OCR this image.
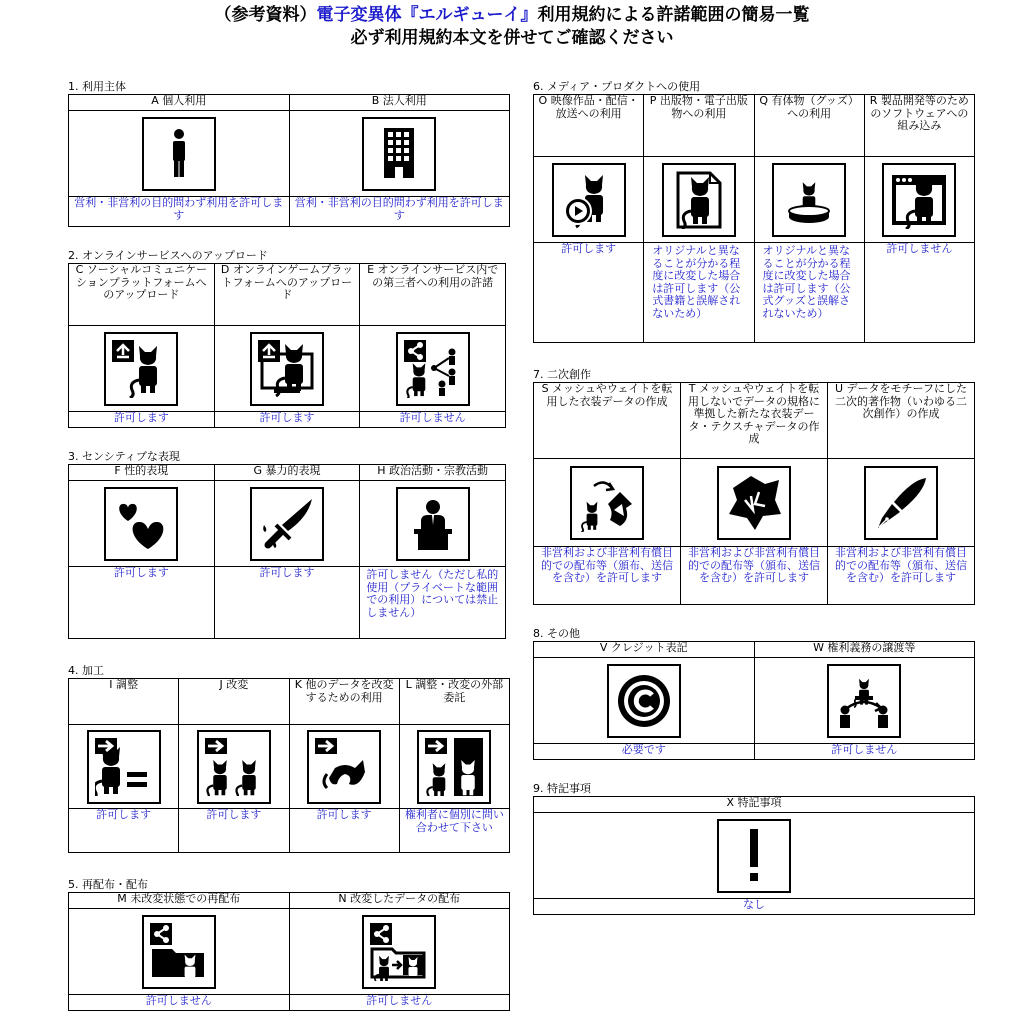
（参考資料）電子変異体『エルギューイ』利用規約による許諾範囲の簡易一覧
必ず利用規約本文を併せてご確認ください
1. 利用主体
A 個人利用	B 法人利用

営利・非営利の目的問わず利用を許可します	営利・非営利の目的問わず利用を許可します
2. オンラインサービスへのアップロード
C ソーシャルコミュニケーションプラットフォームへのアップロード	D オンラインゲームプラットフォームへのアップロード	E オンラインサービス内での第三者への利用の許諾

許可します	許可します	許可しません
3. センシティブな表現
F 性的表現	G 暴力的表現	H 政治活動・宗教活動

許可します	許可します	許可しません（ただし私的使用（プライベートな範囲での利用）については禁止しません）
4. 加工
I 調整	J 改変	K 他のデータを改変するための利用	L 調整・改変の外部委託

許可します	許可します	許可します	権利者に個別に問い合わせて下さい
5. 再配布・配布
M 未改変状態での再配布	N 改変したデータの配布

許可しません	許可しません
6. メディア・プロダクトへの使用
O 映像作品・配信・放送への利用	P 出版物・電子出版物への利用	Q 有体物（グッズ）への利用	R 製品開発等のためのソフトウェアへの組み込み

許可します	オリジナルと異なることが分かる程度に改変した場合は許可します（公式書籍と誤解されないため）	オリジナルと異なることが分かる程度に改変した場合は許可します（公式グッズと誤解されないため）	許可しません
7. 二次創作
S メッシュやウェイトを転用した衣装データの作成	T メッシュやウェイトを転用しないでデータの規格に準拠した新たな衣装データ・テクスチャデータの作成	U データをモチーフにした二次的著作物（いわゆる二次創作）の作成

非営利および非営利有償目的での配布等（頒布、送信を含む）を許可します	非営利および非営利有償目的での配布等（頒布、送信を含む）を許可します	非営利および非営利有償目的での配布等（頒布、送信を含む）を許可します
8. その他
V クレジット表記	W 権利義務の譲渡等

必要です	許可しません
9. 特記事項
X 特記事項

なし
